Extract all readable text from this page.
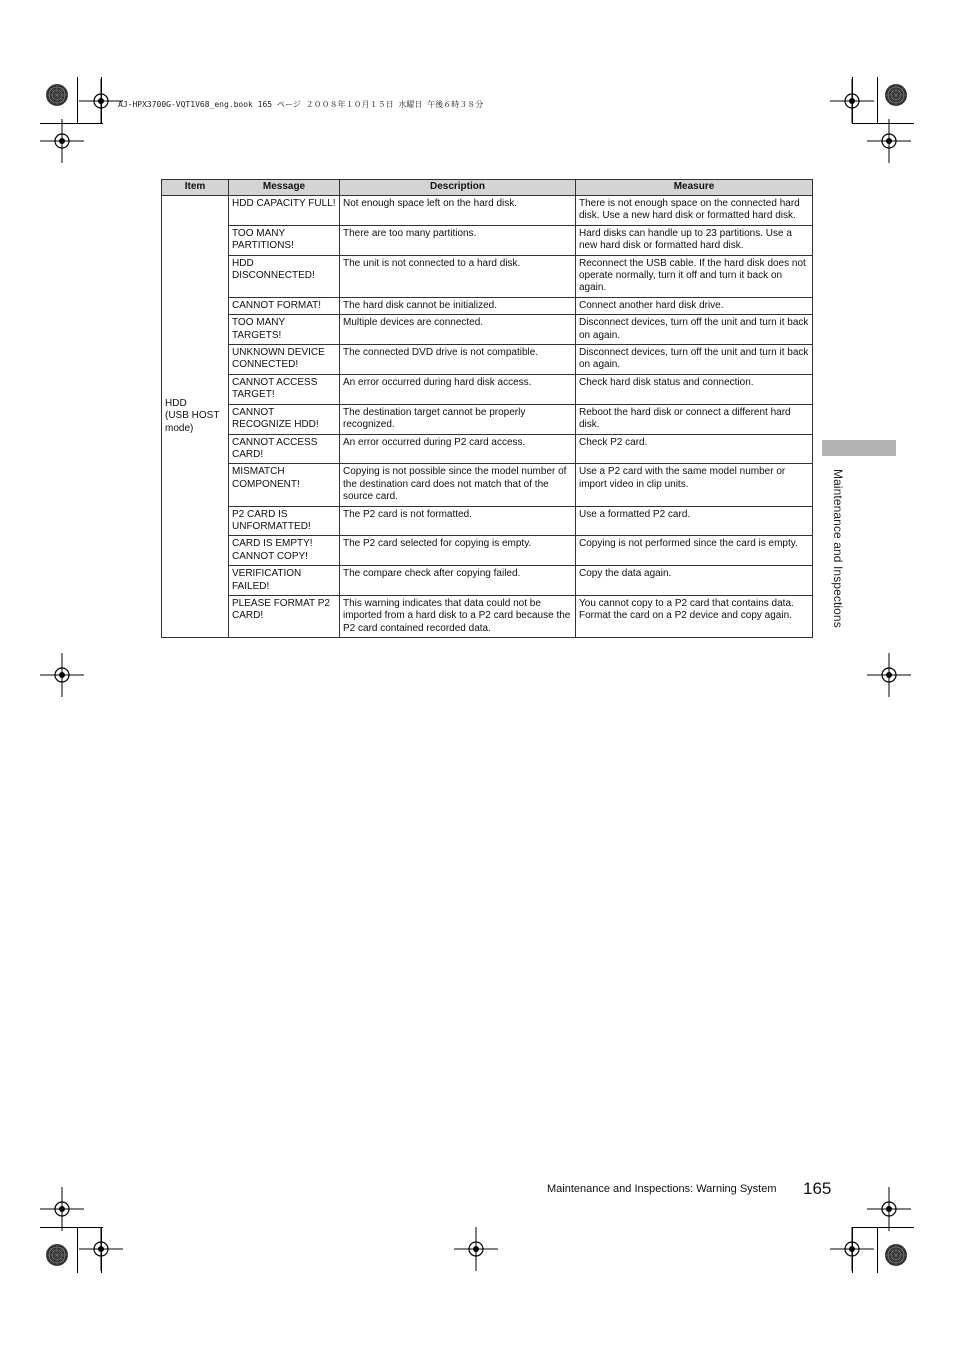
AJ-HPX3700G-VQT1V68_eng.book 165 ページ ２００８年１０月１５日 水曜日 午後６時３８分
Item	Message	Description	Measure
HDD
(USB HOST
mode)	HDD CAPACITY FULL!	Not enough space left on the hard disk.	There is not enough space on the connected hard disk. Use a new hard disk or formatted hard disk.
	TOO MANY PARTITIONS!	There are too many partitions.	Hard disks can handle up to 23 partitions. Use a new hard disk or formatted hard disk.
	HDD DISCONNECTED!	The unit is not connected to a hard disk.	Reconnect the USB cable. If the hard disk does not operate normally, turn it off and turn it back on again.
	CANNOT FORMAT!	The hard disk cannot be initialized.	Connect another hard disk drive.
	TOO MANY TARGETS!	Multiple devices are connected.	Disconnect devices, turn off the unit and turn it back on again.
	UNKNOWN DEVICE CONNECTED!	The connected DVD drive is not compatible.	Disconnect devices, turn off the unit and turn it back on again.
	CANNOT ACCESS TARGET!	An error occurred during hard disk access.	Check hard disk status and connection.
	CANNOT RECOGNIZE HDD!	The destination target cannot be properly recognized.	Reboot the hard disk or connect a different hard disk.
	CANNOT ACCESS CARD!	An error occurred during P2 card access.	Check P2 card.
	MISMATCH COMPONENT!	Copying is not possible since the model number of the destination card does not match that of the source card.	Use a P2 card with the same model number or import video in clip units.
	P2 CARD IS UNFORMATTED!	The P2 card is not formatted.	Use a formatted P2 card.
	CARD IS EMPTY! CANNOT COPY!	The P2 card selected for copying is empty.	Copying is not performed since the card is empty.
	VERIFICATION FAILED!	The compare check after copying failed.	Copy the data again.
	PLEASE FORMAT P2 CARD!	This warning indicates that data could not be imported from a hard disk to a P2 card because the P2 card contained recorded data.	You cannot copy to a P2 card that contains data. Format the card on a P2 device and copy again.	Maintenance and Inspections
Maintenance and Inspections: Warning System 165
